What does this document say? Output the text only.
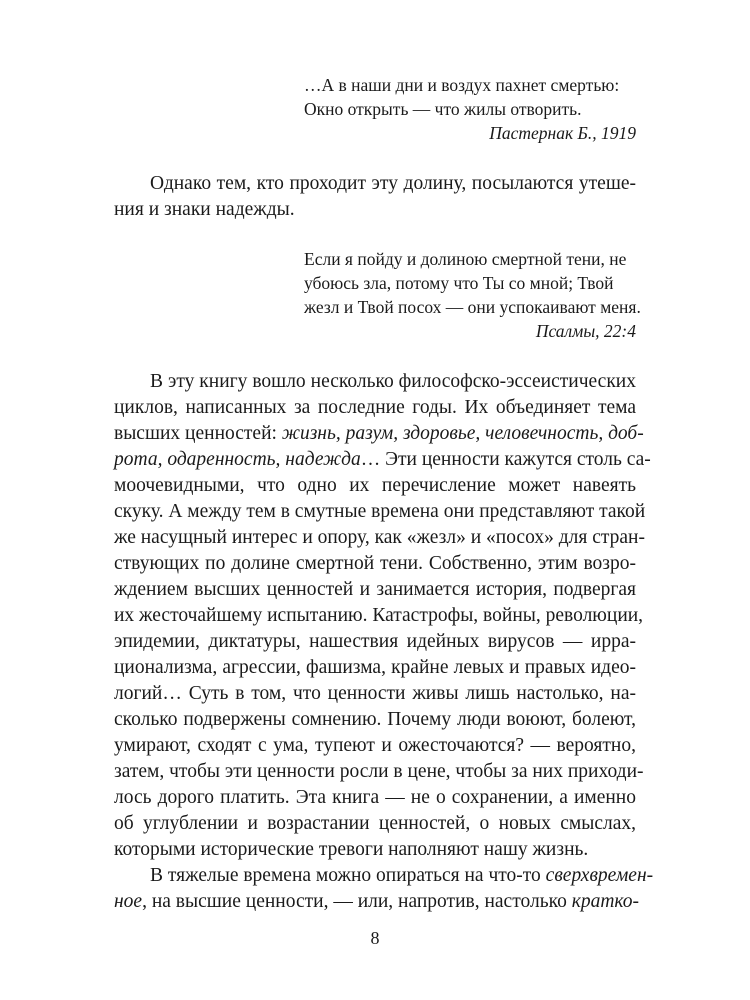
…А в наши дни и воздух пахнет смертью:
Окно открыть — что жилы отворить.
Пастернак Б., 1919
Однако тем, кто проходит эту долину, посылаются утеше-
ния и знаки надежды.
Если я пойду и долиною смертной тени, не
убоюсь зла, потому что Ты со мной; Твой
жезл и Твой посох — они успокаивают меня.
Псалмы, 22:4
В эту книгу вошло несколько философско-эссеистических
циклов, написанных за последние годы. Их объединяет тема
высших ценностей: жизнь, разум, здоровье, человечность, доб-
рота, одаренность, надежда… Эти ценности кажутся столь са-
моочевидными, что одно их перечисление может навеять
скуку. А между тем в смутные времена они представляют такой
же насущный интерес и опору, как «жезл» и «посох» для стран-
ствующих по долине смертной тени. Собственно, этим возро-
ждением высших ценностей и занимается история, подвергая
их жесточайшему испытанию. Катастрофы, войны, революции,
эпидемии, диктатуры, нашествия идейных вирусов — ирра-
ционализма, агрессии, фашизма, крайне левых и правых идео-
логий… Суть в том, что ценности живы лишь настолько, на-
сколько подвержены сомнению. Почему люди воюют, болеют,
умирают, сходят с ума, тупеют и ожесточаются? — вероятно,
затем, чтобы эти ценности росли в цене, чтобы за них приходи-
лось дорого платить. Эта книга — не о сохранении, а именно
об углублении и возрастании ценностей, о новых смыслах,
которыми исторические тревоги наполняют нашу жизнь.
В тяжелые времена можно опираться на что-то сверхвремен-
ное, на высшие ценности, — или, напротив, настолько кратко-
8
